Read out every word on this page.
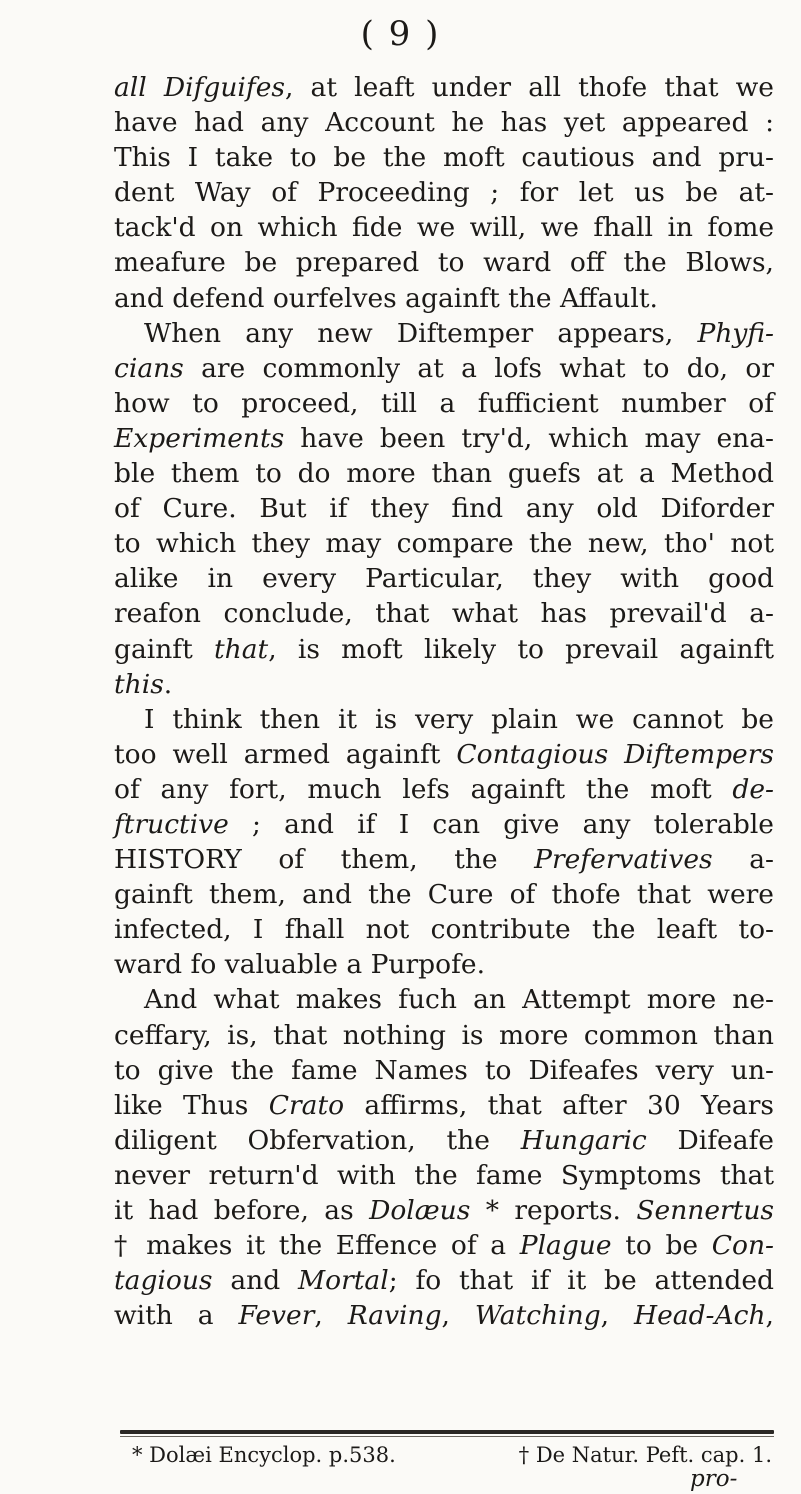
( 9 )
all Difguifes, at leaft under all thofe that we
have had any Account he has yet appeared :
This I take to be the moft cautious and pru-
dent Way of Proceeding ; for let us be at-
tack'd on which fide we will, we fhall in fome
meafure be prepared to ward off the Blows,
and defend ourfelves againft the Affault.
When any new Diftemper appears, Phyfi-
cians are commonly at a lofs what to do, or
how to proceed, till a fufficient number of
Experiments have been try'd, which may ena-
ble them to do more than guefs at a Method
of Cure. But if they find any old Diforder
to which they may compare the new, tho' not
alike in every Particular, they with good
reafon conclude, that what has prevail'd a-
gainft that, is moft likely to prevail againft
this.
I think then it is very plain we cannot be
too well armed againft Contagious Diftempers
of any fort, much lefs againft the moft de-
ftructive ; and if I can give any tolerable
HISTORY of them, the Prefervatives a-
gainft them, and the Cure of thofe that were
infected, I fhall not contribute the leaft to-
ward fo valuable a Purpofe.
And what makes fuch an Attempt more ne-
ceffary, is, that nothing is more common than
to give the fame Names to Difeafes very un-
like Thus Crato affirms, that after 30 Years
diligent Obfervation, the Hungaric Difeafe
never return'd with the fame Symptoms that
it had before, as Dolæus * reports. Sennertus
† makes it the Effence of a Plague to be Con-
tagious and Mortal; fo that if it be attended
with a Fever, Raving, Watching, Head-Ach,
* Dolæi Encyclop. p.538.	† De Natur. Peft. cap. 1.
pro-
